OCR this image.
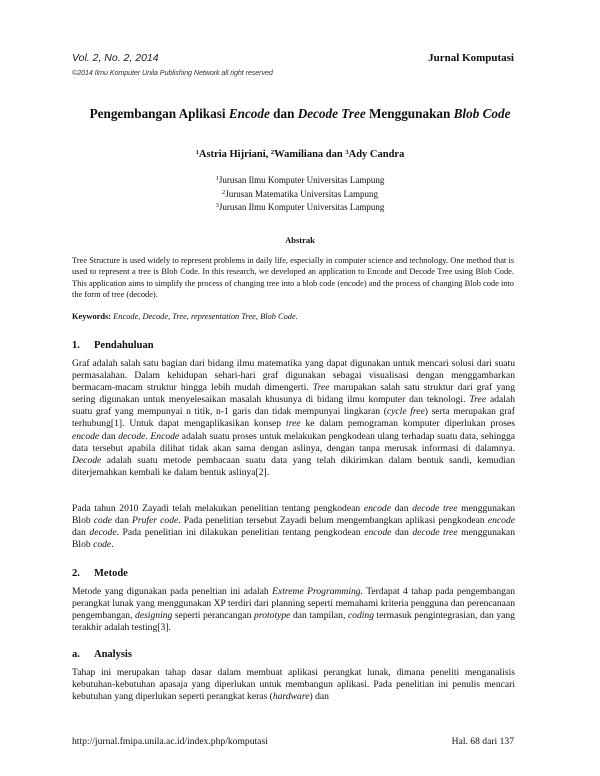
Vol. 2, No. 2, 2014
©2014 Ilmu Komputer Unila Publishing Network all right reserved
Jurnal Komputasi
Pengembangan Aplikasi Encode dan Decode Tree Menggunakan Blob Code
$^1$Astria Hijriani, $^2$Wamiliana dan $^3$Ady Candra
$^1$Jurusan Ilmu Komputer Universitas Lampung
$^2$Jurusan Matematika Universitas Lampung
$^3$Jurusan Ilmu Komputer Universitas Lampung
Abstrak
Tree Structure is used widely to represent problems in daily life, especially in computer science and technology. One method that is used to represent a tree is Blob Code. In this research, we developed an application to Encode and Decode Tree using Blob Code. This application aims to simplify the process of changing tree into a blob code (encode) and the process of changing Blob code into the form of tree (decode).
Keywords: Encode, Decode, Tree, representation Tree, Blob Code.
1. Pendahuluan

Graf adalah salah satu bagian dari bidang ilmu matematika yang dapat digunakan untuk mencari solusi dari suatu permasalahan. Dalam kehidupan sehari-hari graf digunakan sebagai visualisasi dengan menggambarkan bermacam-macam struktur hingga lebih mudah dimengerti. Tree marupakan salah satu struktur dari graf yang sering digunakan untuk menyelesaikan masalah khusunya di bidang ilmu komputer dan teknologi. Tree adalah suatu graf yang mempunyai n titik, n-1 garis dan tidak mempunyai lingkaran (cycle free) serta merupakan graf terhubung[1]. Untuk dapat mengaplikasikan konsep tree ke dalam pemograman komputer diperlukan proses encode dan decode. Encode adalah suatu proses untuk melakukan pengkodean ulang terhadap suatu data, sehingga data tersebut apabila dilihat tidak akan sama dengan aslinya, dengan tanpa merusak informasi di dalamnya. Decode adalah suatu metode pembacaan suatu data yang telah dikirimkan dalam bentuk sandi, kemudian diterjemahkan kembali ke dalam bentuk aslinya[2].

Pada tahun 2010 Zayadi telah melakukan penelitian tentang pengkodean encode dan decode tree menggunakan Blob code dan Prufer code. Pada penelitian tersebut Zayadi belum mengembangkan aplikasi pengkodean encode dan decode. Pada penelitian ini dilakukan penelitian tentang pengkodean encode dan decode tree menggunakan Blob code.

2. Metode

Metode yang digunakan pada peneltian ini adalah Extreme Programming. Terdapat 4 tahap pada pengembangan perangkat lunak yang menggunakan XP terdiri dari planning seperti memahami kriteria pengguna dan perencanaan pengembangan, designing seperti perancangan prototype dan tampilan, coding termasuk pengintegrasian, dan yang terakhir adalah testing[3].

a. Analysis

Tahap ini merupakan tahap dasar dalam membuat aplikasi perangkat lunak, dimana peneliti menganalisis kebutuhan-kebutuhan apasaja yang diperlukan untuk membangun aplikasi. Pada penelitian ini penulis mencari kebutuhan yang diperlukan seperti perangkat keras (hardware) dan

http://jurnal.fmipa.unila.ac.id/index.php/komputasi	Hal. 68 dari 137
